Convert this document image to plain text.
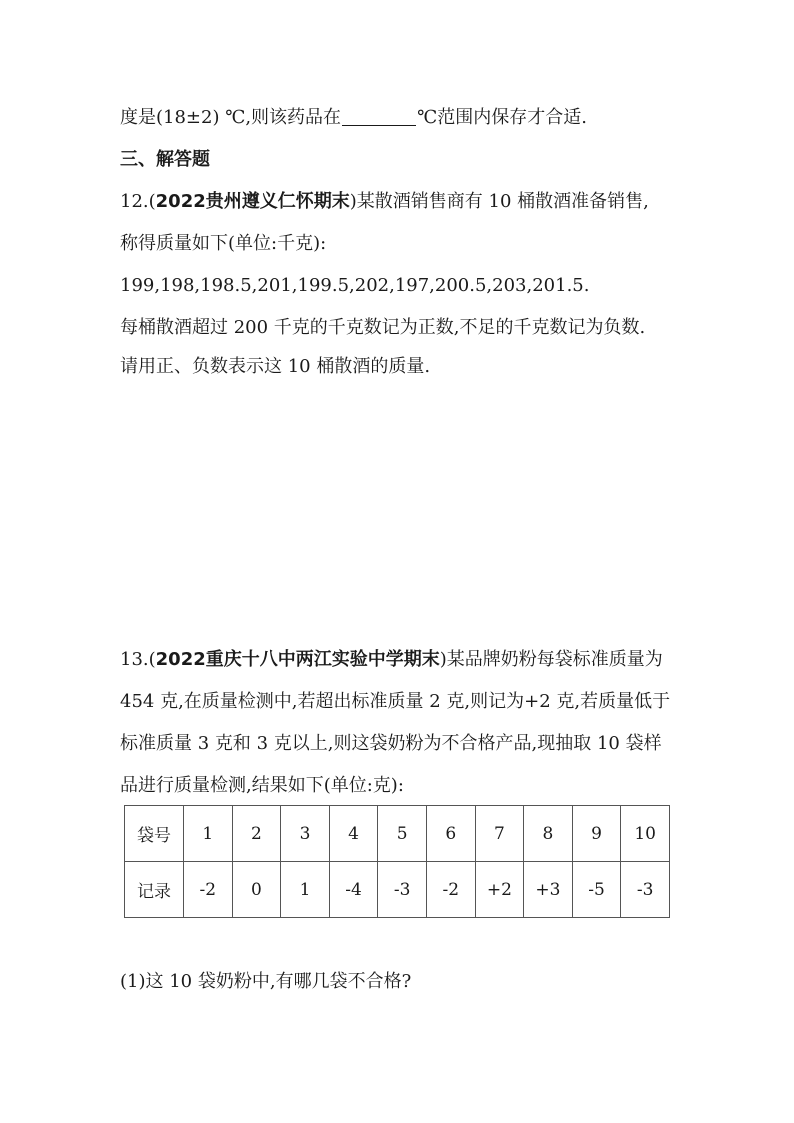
度是(18±2) ℃,则该药品在	℃范围内保存才合适.
三、解答题
12.(2022贵州遵义仁怀期末)某散酒销售商有 10 桶散酒准备销售,
称得质量如下(单位:千克):
199,198,198.5,201,199.5,202,197,200.5,203,201.5.
每桶散酒超过 200 千克的千克数记为正数,不足的千克数记为负数.
请用正、负数表示这 10 桶散酒的质量.
13.(2022重庆十八中两江实验中学期末)某品牌奶粉每袋标准质量为
454 克,在质量检测中,若超出标准质量 2 克,则记为+2 克,若质量低于
标准质量 3 克和 3 克以上,则这袋奶粉为不合格产品,现抽取 10 袋样
品进行质量检测,结果如下(单位:克):
袋号	1	2	3	4	5	6	7	8	9	10
记录	-2	0	1	-4	-3	-2	+2	+3	-5	-3
(1)这 10 袋奶粉中,有哪几袋不合格?
